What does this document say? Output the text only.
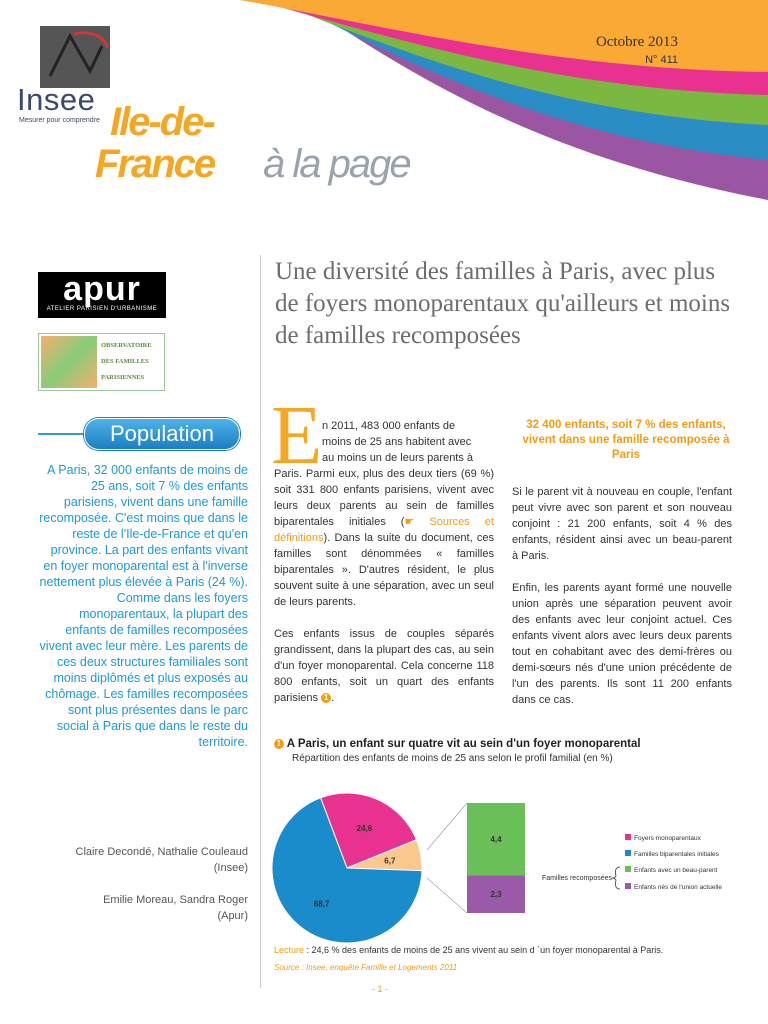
Octobre 2013
N° 411
Insee
Mesurer pour comprendre Ile-de-
France à la page
apur
ATELIER PARISIEN D'URBANISME
OBSERVATOIRE
DES FAMILLES
PARISIENNES
Population
A Paris, 32 000 enfants de moins de 25 ans, soit 7 % des enfants parisiens, vivent dans une famille recomposée. C'est moins que dans le reste de l'Ile-de-France et qu'en province. La part des enfants vivant en foyer monoparental est à l'inverse nettement plus élevée à Paris (24 %). Comme dans les foyers monoparentaux, la plupart des enfants de familles recomposées vivent avec leur mère. Les parents de ces deux structures familiales sont moins diplômés et plus exposés au chômage. Les familles recomposées sont plus présentes dans le parc social à Paris que dans le reste du territoire.
Claire Decondé, Nathalie Couleaud
(Insee)
Emilie Moreau, Sandra Roger
(Apur)
Une diversité des familles à Paris, avec plus de foyers monoparentaux qu'ailleurs et moins de familles recomposées
E n 2011, 483 000 enfants de
moins de 25 ans habitent avec
au moins un de leurs parents à
Paris. Parmi eux, plus des deux tiers (69 %) soit 331 800 enfants parisiens, vivent avec leurs deux parents au sein de familles biparentales initiales (☛ Sources et définitions). Dans la suite du document, ces familles sont dénommées « familles biparentales ». D'autres résident, le plus souvent suite à une séparation, avec un seul de leurs parents.

Ces enfants issus de couples séparés grandissent, dans la plupart des cas, au sein d'un foyer monoparental. Cela concerne 118 800 enfants, soit un quart des enfants parisiens 1 .

32 400 enfants, soit 7 % des enfants, vivent dans une famille recomposée à Paris

Si le parent vit à nouveau en couple, l'enfant peut vivre avec son parent et son nouveau conjoint : 21 200 enfants, soit 4 % des enfants, résident ainsi avec un beau-parent à Paris.

Enfin, les parents ayant formé une nouvelle union après une séparation peuvent avoir des enfants avec leur conjoint actuel. Ces enfants vivent alors avec leurs deux parents tout en cohabitant avec des demi-frères ou demi-sœurs nés d'une union précédente de l'un des parents. Ils sont 11 200 enfants dans ce cas.

1 A Paris, un enfant sur quatre vit au sein d'un foyer monoparental
Répartition des enfants de moins de 25 ans selon le profil familial (en %)
24,6
6,7
68,7
4,4
2,3
Foyers monoparentaux
Familles biparentales initiales
Enfants avec un beau-parent
Enfants nés de l'union actuelle
Familles recomposées
Lecture : 24,6 % des enfants de moins de 25 ans vivent au sein d `un foyer monoparental à Paris.
Source : Insee, enquête Famille et Logements 2011
- 1 -
